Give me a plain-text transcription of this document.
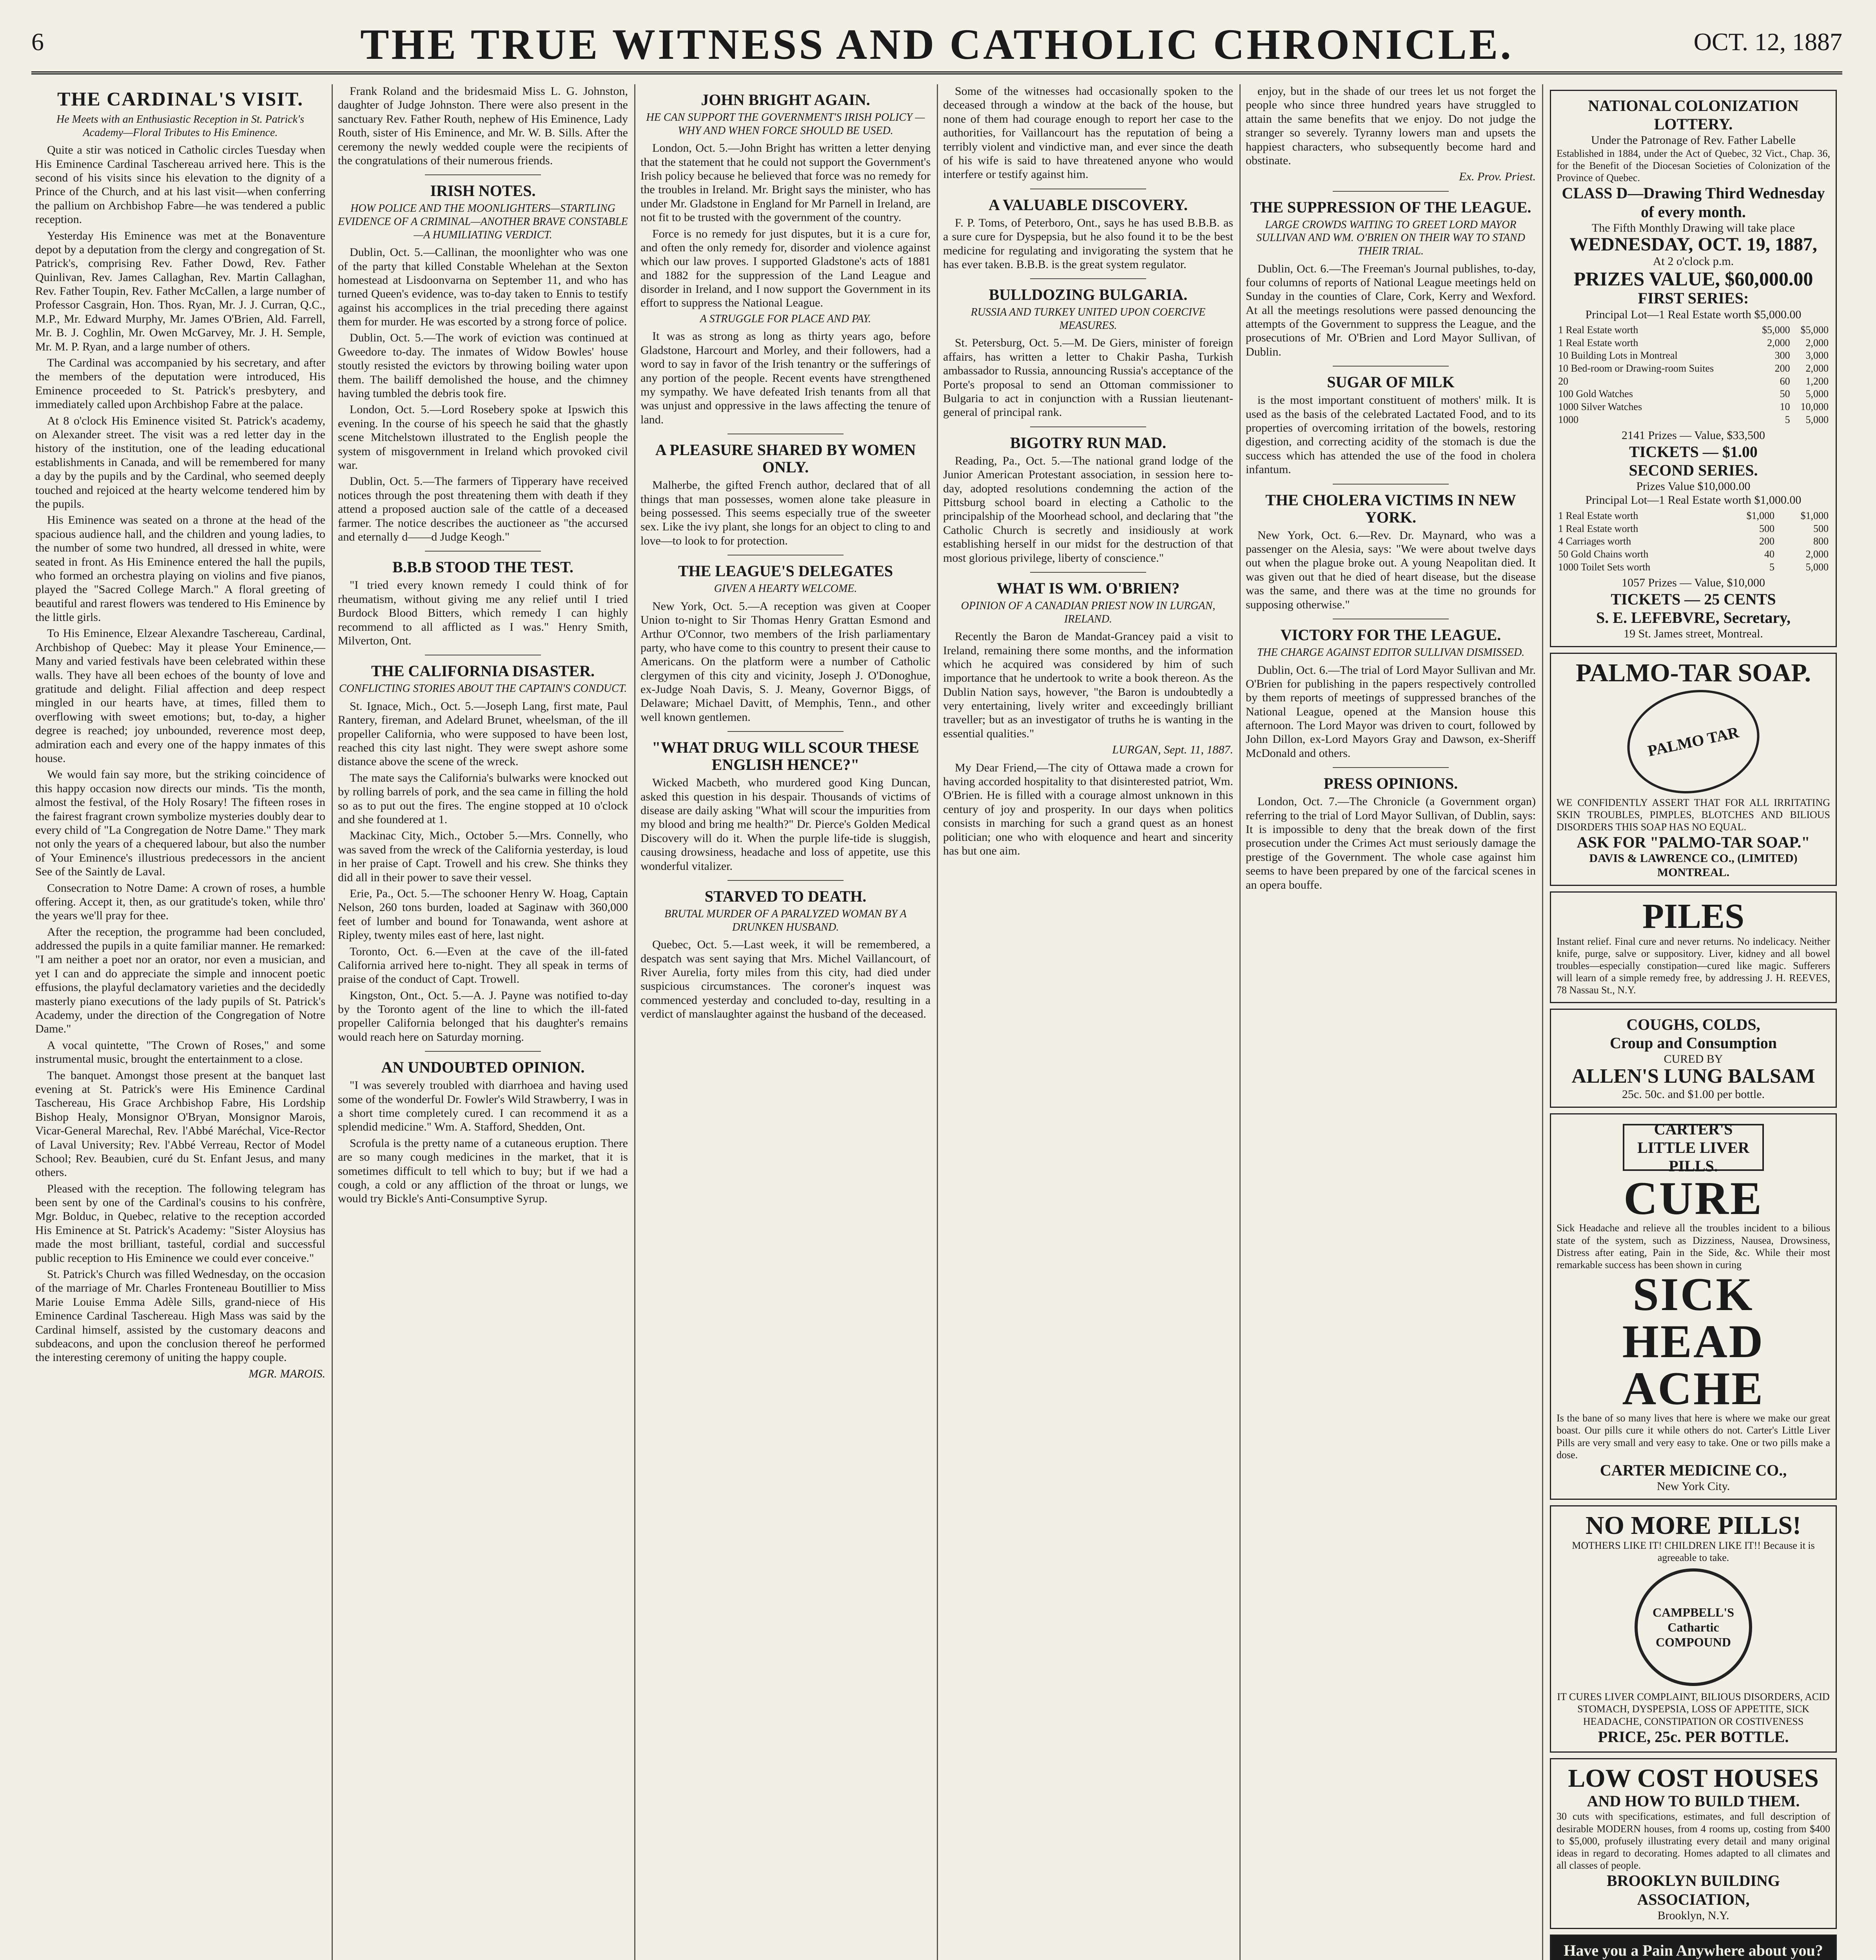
6	THE TRUE WITNESS AND CATHOLIC CHRONICLE.	OCT. 12, 1887
THE CARDINAL'S VISIT.
He Meets with an Enthusiastic Reception in St. Patrick's Academy—Floral Tributes to His Eminence.

Quite a stir was noticed in Catholic circles Tuesday when His Eminence Cardinal Taschereau arrived here. This is the second of his visits since his elevation to the dignity of a Prince of the Church, and at his last visit—when conferring the pallium on Archbishop Fabre—he was tendered a public reception.

Yesterday His Eminence was met at the Bonaventure depot by a deputation from the clergy and congregation of St. Patrick's, comprising Rev. Father Dowd, Rev. Father Quinlivan, Rev. James Callaghan, Rev. Martin Callaghan, Rev. Father Toupin, Rev. Father McCallen, a large number of Professor Casgrain, Hon. Thos. Ryan, Mr. J. J. Curran, Q.C., M.P., Mr. Edward Murphy, Mr. James O'Brien, Ald. Farrell, Mr. B. J. Coghlin, Mr. Owen McGarvey, Mr. J. H. Semple, Mr. M. P. Ryan, and a large number of others.

The Cardinal was accompanied by his secretary, and after the members of the deputation were introduced, His Eminence proceeded to St. Patrick's presbytery, and immediately called upon Archbishop Fabre at the palace.

At 8 o'clock His Eminence visited St. Patrick's academy, on Alexander street. The visit was a red letter day in the history of the institution, one of the leading educational establishments in Canada, and will be remembered for many a day by the pupils and by the Cardinal, who seemed deeply touched and rejoiced at the hearty welcome tendered him by the pupils.

His Eminence was seated on a throne at the head of the spacious audience hall, and the children and young ladies, to the number of some two hundred, all dressed in white, were seated in front. As His Eminence entered the hall the pupils, who formed an orchestra playing on violins and five pianos, played the "Sacred College March." A floral greeting of beautiful and rarest flowers was tendered to His Eminence by the little girls.

To His Eminence, Elzear Alexandre Taschereau, Cardinal, Archbishop of Quebec: May it please Your Eminence,—Many and varied festivals have been celebrated within these walls. They have all been echoes of the bounty of love and gratitude and delight. Filial affection and deep respect mingled in our hearts have, at times, filled them to overflowing with sweet emotions; but, to-day, a higher degree is reached; joy unbounded, reverence most deep, admiration each and every one of the happy inmates of this house.

We would fain say more, but the striking coincidence of this happy occasion now directs our minds. 'Tis the month, almost the festival, of the Holy Rosary! The fifteen roses in the fairest fragrant crown symbolize mysteries doubly dear to every child of "La Congregation de Notre Dame." They mark not only the years of a chequered labour, but also the number of Your Eminence's illustrious predecessors in the ancient See of the Saintly de Laval.

Consecration to Notre Dame: A crown of roses, a humble offering. Accept it, then, as our gratitude's token, while thro' the years we'll pray for thee.

After the reception, the programme had been concluded, addressed the pupils in a quite familiar manner. He remarked: "I am neither a poet nor an orator, nor even a musician, and yet I can and do appreciate the simple and innocent poetic effusions, the playful declamatory varieties and the decidedly masterly piano executions of the lady pupils of St. Patrick's Academy, under the direction of the Congregation of Notre Dame."

A vocal quintette, "The Crown of Roses," and some instrumental music, brought the entertainment to a close.

The banquet. Amongst those present at the banquet last evening at St. Patrick's were His Eminence Cardinal Taschereau, His Grace Archbishop Fabre, His Lordship Bishop Healy, Monsignor O'Bryan, Monsignor Marois, Vicar-General Marechal, Rev. l'Abbé Maréchal, Vice-Rector of Laval University; Rev. l'Abbé Verreau, Rector of Model School; Rev. Beaubien, curé du St. Enfant Jesus, and many others.

Pleased with the reception. The following telegram has been sent by one of the Cardinal's cousins to his confrère, Mgr. Bolduc, in Quebec, relative to the reception accorded His Eminence at St. Patrick's Academy: "Sister Aloysius has made the most brilliant, tasteful, cordial and successful public reception to His Eminence we could ever conceive."

St. Patrick's Church was filled Wednesday, on the occasion of the marriage of Mr. Charles Fronteneau Boutillier to Miss Marie Louise Emma Adèle Sills, grand-niece of His Eminence Cardinal Taschereau. High Mass was said by the Cardinal himself, assisted by the customary deacons and subdeacons, and upon the conclusion thereof he performed the interesting ceremony of uniting the happy couple.

MGR. MAROIS.

Frank Roland and the bridesmaid Miss L. G. Johnston, daughter of Judge Johnston. There were also present in the sanctuary Rev. Father Routh, nephew of His Eminence, Lady Routh, sister of His Eminence, and Mr. W. B. Sills. After the ceremony the newly wedded couple were the recipients of the congratulations of their numerous friends.

IRISH NOTES.
HOW POLICE AND THE MOONLIGHTERS—STARTLING EVIDENCE OF A CRIMINAL—ANOTHER BRAVE CONSTABLE—A HUMILIATING VERDICT.

Dublin, Oct. 5.—Callinan, the moonlighter who was one of the party that killed Constable Whelehan at the Sexton homestead at Lisdoonvarna on September 11, and who has turned Queen's evidence, was to-day taken to Ennis to testify against his accomplices in the trial preceding there against them for murder. He was escorted by a strong force of police.

Dublin, Oct. 5.—The work of eviction was continued at Gweedore to-day. The inmates of Widow Bowles' house stoutly resisted the evictors by throwing boiling water upon them. The bailiff demolished the house, and the chimney having tumbled the debris took fire.

London, Oct. 5.—Lord Rosebery spoke at Ipswich this evening. In the course of his speech he said that the ghastly scene Mitchelstown illustrated to the English people the system of misgovernment in Ireland which provoked civil war.

Dublin, Oct. 5.—The farmers of Tipperary have received notices through the post threatening them with death if they attend a proposed auction sale of the cattle of a deceased farmer. The notice describes the auctioneer as "the accursed and eternally d——d Judge Keogh."

B.B.B STOOD THE TEST.

"I tried every known remedy I could think of for rheumatism, without giving me any relief until I tried Burdock Blood Bitters, which remedy I can highly recommend to all afflicted as I was." Henry Smith, Milverton, Ont.

THE CALIFORNIA DISASTER.
CONFLICTING STORIES ABOUT THE CAPTAIN'S CONDUCT.

St. Ignace, Mich., Oct. 5.—Joseph Lang, first mate, Paul Rantery, fireman, and Adelard Brunet, wheelsman, of the ill propeller California, who were supposed to have been lost, reached this city last night. They were swept ashore some distance above the scene of the wreck.

The mate says the California's bulwarks were knocked out by rolling barrels of pork, and the sea came in filling the hold so as to put out the fires. The engine stopped at 10 o'clock and she foundered at 1.

Mackinac City, Mich., October 5.—Mrs. Connelly, who was saved from the wreck of the California yesterday, is loud in her praise of Capt. Trowell and his crew. She thinks they did all in their power to save their vessel.

Erie, Pa., Oct. 5.—The schooner Henry W. Hoag, Captain Nelson, 260 tons burden, loaded at Saginaw with 360,000 feet of lumber and bound for Tonawanda, went ashore at Ripley, twenty miles east of here, last night.

Toronto, Oct. 6.—Even at the cave of the ill-fated California arrived here to-night. They all speak in terms of praise of the conduct of Capt. Trowell.

Kingston, Ont., Oct. 5.—A. J. Payne was notified to-day by the Toronto agent of the line to which the ill-fated propeller California belonged that his daughter's remains would reach here on Saturday morning.

AN UNDOUBTED OPINION.

"I was severely troubled with diarrhoea and having used some of the wonderful Dr. Fowler's Wild Strawberry, I was in a short time completely cured. I can recommend it as a splendid medicine." Wm. A. Stafford, Shedden, Ont.

Scrofula is the pretty name of a cutaneous eruption. There are so many cough medicines in the market, that it is sometimes difficult to tell which to buy; but if we had a cough, a cold or any affliction of the throat or lungs, we would try Bickle's Anti-Consumptive Syrup.

JOHN BRIGHT AGAIN.
HE CAN SUPPORT THE GOVERNMENT'S IRISH POLICY —WHY AND WHEN FORCE SHOULD BE USED.

London, Oct. 5.—John Bright has written a letter denying that the statement that he could not support the Government's Irish policy because he believed that force was no remedy for the troubles in Ireland. Mr. Bright says the minister, who has under Mr. Gladstone in England for Mr Parnell in Ireland, are not fit to be trusted with the government of the country.

Force is no remedy for just disputes, but it is a cure for, and often the only remedy for, disorder and violence against which our law proves. I supported Gladstone's acts of 1881 and 1882 for the suppression of the Land League and disorder in Ireland, and I now support the Government in its effort to suppress the National League.

A STRUGGLE FOR PLACE AND PAY.

It was as strong as long as thirty years ago, before Gladstone, Harcourt and Morley, and their followers, had a word to say in favor of the Irish tenantry or the sufferings of any portion of the people. Recent events have strengthened my sympathy. We have defeated Irish tenants from all that was unjust and oppressive in the laws affecting the tenure of land.

A PLEASURE SHARED BY WOMEN ONLY.

Malherbe, the gifted French author, declared that of all things that man possesses, women alone take pleasure in being possessed. This seems especially true of the sweeter sex. Like the ivy plant, she longs for an object to cling to and love—to look to for protection.

THE LEAGUE'S DELEGATES
GIVEN A HEARTY WELCOME.

New York, Oct. 5.—A reception was given at Cooper Union to-night to Sir Thomas Henry Grattan Esmond and Arthur O'Connor, two members of the Irish parliamentary party, who have come to this country to present their cause to Americans. On the platform were a number of Catholic clergymen of this city and vicinity, Joseph J. O'Donoghue, ex-Judge Noah Davis, S. J. Meany, Governor Biggs, of Delaware; Michael Davitt, of Memphis, Tenn., and other well known gentlemen.

"WHAT DRUG WILL SCOUR THESE ENGLISH HENCE?"

Wicked Macbeth, who murdered good King Duncan, asked this question in his despair. Thousands of victims of disease are daily asking "What will scour the impurities from my blood and bring me health?" Dr. Pierce's Golden Medical Discovery will do it. When the purple life-tide is sluggish, causing drowsiness, headache and loss of appetite, use this wonderful vitalizer.

STARVED TO DEATH.
BRUTAL MURDER OF A PARALYZED WOMAN BY A DRUNKEN HUSBAND.

Quebec, Oct. 5.—Last week, it will be remembered, a despatch was sent saying that Mrs. Michel Vaillancourt, of River Aurelia, forty miles from this city, had died under suspicious circumstances. The coroner's inquest was commenced yesterday and concluded to-day, resulting in a verdict of manslaughter against the husband of the deceased.

Some of the witnesses had occasionally spoken to the deceased through a window at the back of the house, but none of them had courage enough to report her case to the authorities, for Vaillancourt has the reputation of being a terribly violent and vindictive man, and ever since the death of his wife is said to have threatened anyone who would interfere or testify against him.

A VALUABLE DISCOVERY.

F. P. Toms, of Peterboro, Ont., says he has used B.B.B. as a sure cure for Dyspepsia, but he also found it to be the best medicine for regulating and invigorating the system that he has ever taken. B.B.B. is the great system regulator.

BULLDOZING BULGARIA.
RUSSIA AND TURKEY UNITED UPON COERCIVE MEASURES.

St. Petersburg, Oct. 5.—M. De Giers, minister of foreign affairs, has written a letter to Chakir Pasha, Turkish ambassador to Russia, announcing Russia's acceptance of the Porte's proposal to send an Ottoman commissioner to Bulgaria to act in conjunction with a Russian lieutenant-general of principal rank.

BIGOTRY RUN MAD.

Reading, Pa., Oct. 5.—The national grand lodge of the Junior American Protestant association, in session here to-day, adopted resolutions condemning the action of the Pittsburg school board in electing a Catholic to the principalship of the Moorhead school, and declaring that "the Catholic Church is secretly and insidiously at work establishing herself in our midst for the destruction of that most glorious privilege, liberty of conscience."

WHAT IS WM. O'BRIEN?
OPINION OF A CANADIAN PRIEST NOW IN LURGAN, IRELAND.

Recently the Baron de Mandat-Grancey paid a visit to Ireland, remaining there some months, and the information which he acquired was considered by him of such importance that he undertook to write a book thereon. As the Dublin Nation says, however, "the Baron is undoubtedly a very entertaining, lively writer and exceedingly brilliant traveller; but as an investigator of truths he is wanting in the essential qualities."

LURGAN, Sept. 11, 1887.

My Dear Friend,—The city of Ottawa made a crown for having accorded hospitality to that disinterested patriot, Wm. O'Brien. He is filled with a courage almost unknown in this century of joy and prosperity. In our days when politics consists in marching for such a grand quest as an honest politician; one who with eloquence and heart and sincerity has but one aim.

enjoy, but in the shade of our trees let us not forget the people who since three hundred years have struggled to attain the same benefits that we enjoy. Do not judge the stranger so severely. Tyranny lowers man and upsets the happiest characters, who subsequently become hard and obstinate.

Ex. Prov. Priest.
THE SUPPRESSION OF THE LEAGUE.
LARGE CROWDS WAITING TO GREET LORD MAYOR SULLIVAN AND WM. O'BRIEN ON THEIR WAY TO STAND THEIR TRIAL.

Dublin, Oct. 6.—The Freeman's Journal publishes, to-day, four columns of reports of National League meetings held on Sunday in the counties of Clare, Cork, Kerry and Wexford. At all the meetings resolutions were passed denouncing the attempts of the Government to suppress the League, and the prosecutions of Mr. O'Brien and Lord Mayor Sullivan, of Dublin.

SUGAR OF MILK

is the most important constituent of mothers' milk. It is used as the basis of the celebrated Lactated Food, and to its properties of overcoming irritation of the bowels, restoring digestion, and correcting acidity of the stomach is due the success which has attended the use of the food in cholera infantum.

THE CHOLERA VICTIMS IN NEW YORK.

New York, Oct. 6.—Rev. Dr. Maynard, who was a passenger on the Alesia, says: "We were about twelve days out when the plague broke out. A young Neapolitan died. It was given out that he died of heart disease, but the disease was the same, and there was at the time no grounds for supposing otherwise."

VICTORY FOR THE LEAGUE.
THE CHARGE AGAINST EDITOR SULLIVAN DISMISSED.

Dublin, Oct. 6.—The trial of Lord Mayor Sullivan and Mr. O'Brien for publishing in the papers respectively controlled by them reports of meetings of suppressed branches of the National League, opened at the Mansion house this afternoon. The Lord Mayor was driven to court, followed by John Dillon, ex-Lord Mayors Gray and Dawson, ex-Sheriff McDonald and others.

PRESS OPINIONS.

London, Oct. 7.—The Chronicle (a Government organ) referring to the trial of Lord Mayor Sullivan, of Dublin, says: It is impossible to deny that the break down of the first prosecution under the Crimes Act must seriously damage the prestige of the Government. The whole case against him seems to have been prepared by one of the farcical scenes in an opera bouffe.

NATIONAL COLONIZATION LOTTERY.
Under the Patronage of Rev. Father Labelle
Established in 1884, under the Act of Quebec, 32 Vict., Chap. 36, for the Benefit of the Diocesan Societies of Colonization of the Province of Quebec.
CLASS D—Drawing Third Wednesday of every month.
The Fifth Monthly Drawing will take place
WEDNESDAY, OCT. 19, 1887,
At 2 o'clock p.m.
PRIZES VALUE, $60,000.00
FIRST SERIES:
Principal Lot—1 Real Estate worth $5,000.00
1 Real Estate worth	$5,000	$5,000
1 Real Estate worth	2,000	2,000
10 Building Lots in Montreal	300	3,000
10 Bed-room or Drawing-room Suites	200	2,000
20	60	1,200
100 Gold Watches	50	5,000
1000 Silver Watches	10	10,000
1000	5	5,000
2141 Prizes — Value, $33,500
TICKETS — $1.00
SECOND SERIES.
Prizes Value $10,000.00
Principal Lot—1 Real Estate worth $1,000.00
1 Real Estate worth	$1,000	$1,000
1 Real Estate worth	500	500
4 Carriages worth	200	800
50 Gold Chains worth	40	2,000
1000 Toilet Sets worth	5	5,000
1057 Prizes — Value, $10,000
TICKETS — 25 CENTS
S. E. LEFEBVRE, Secretary,
19 St. James street, Montreal.
PALMO-TAR SOAP.
PALMO TAR
WE CONFIDENTLY ASSERT THAT FOR ALL IRRITATING SKIN TROUBLES, PIMPLES, BLOTCHES AND BILIOUS DISORDERS THIS SOAP HAS NO EQUAL.
ASK FOR "PALMO-TAR SOAP."
DAVIS & LAWRENCE CO., (LIMITED) MONTREAL.
PILES
Instant relief. Final cure and never returns. No indelicacy. Neither knife, purge, salve or suppository. Liver, kidney and all bowel troubles—especially constipation—cured like magic. Sufferers will learn of a simple remedy free, by addressing J. H. REEVES, 78 Nassau St., N.Y.
COUGHS, COLDS,
Croup and Consumption
CURED BY
ALLEN'S LUNG BALSAM
25c. 50c. and $1.00 per bottle.
CARTER'S LITTLE LIVER PILLS.
CURE
Sick Headache and relieve all the troubles incident to a bilious state of the system, such as Dizziness, Nausea, Drowsiness, Distress after eating, Pain in the Side, &c. While their most remarkable success has been shown in curing
SICK
HEAD
ACHE
Is the bane of so many lives that here is where we make our great boast. Our pills cure it while others do not. Carter's Little Liver Pills are very small and very easy to take. One or two pills make a dose.
CARTER MEDICINE CO.,
New York City.
NO MORE PILLS!
MOTHERS LIKE IT! CHILDREN LIKE IT!! Because it is agreeable to take.
CAMPBELL'S Cathartic COMPOUND
IT CURES LIVER COMPLAINT, BILIOUS DISORDERS, ACID STOMACH, DYSPEPSIA, LOSS OF APPETITE, SICK HEADACHE, CONSTIPATION OR COSTIVENESS
PRICE, 25c. PER BOTTLE.
LOW COST HOUSES
AND HOW TO BUILD THEM.
30 cuts with specifications, estimates, and full description of desirable MODERN houses, from 4 rooms up, costing from $400 to $5,000, profusely illustrating every detail and many original ideas in regard to decorating. Homes adapted to all climates and all classes of people.
BROOKLYN BUILDING ASSOCIATION,
Brooklyn, N.Y.
Have you a Pain Anywhere about you?
